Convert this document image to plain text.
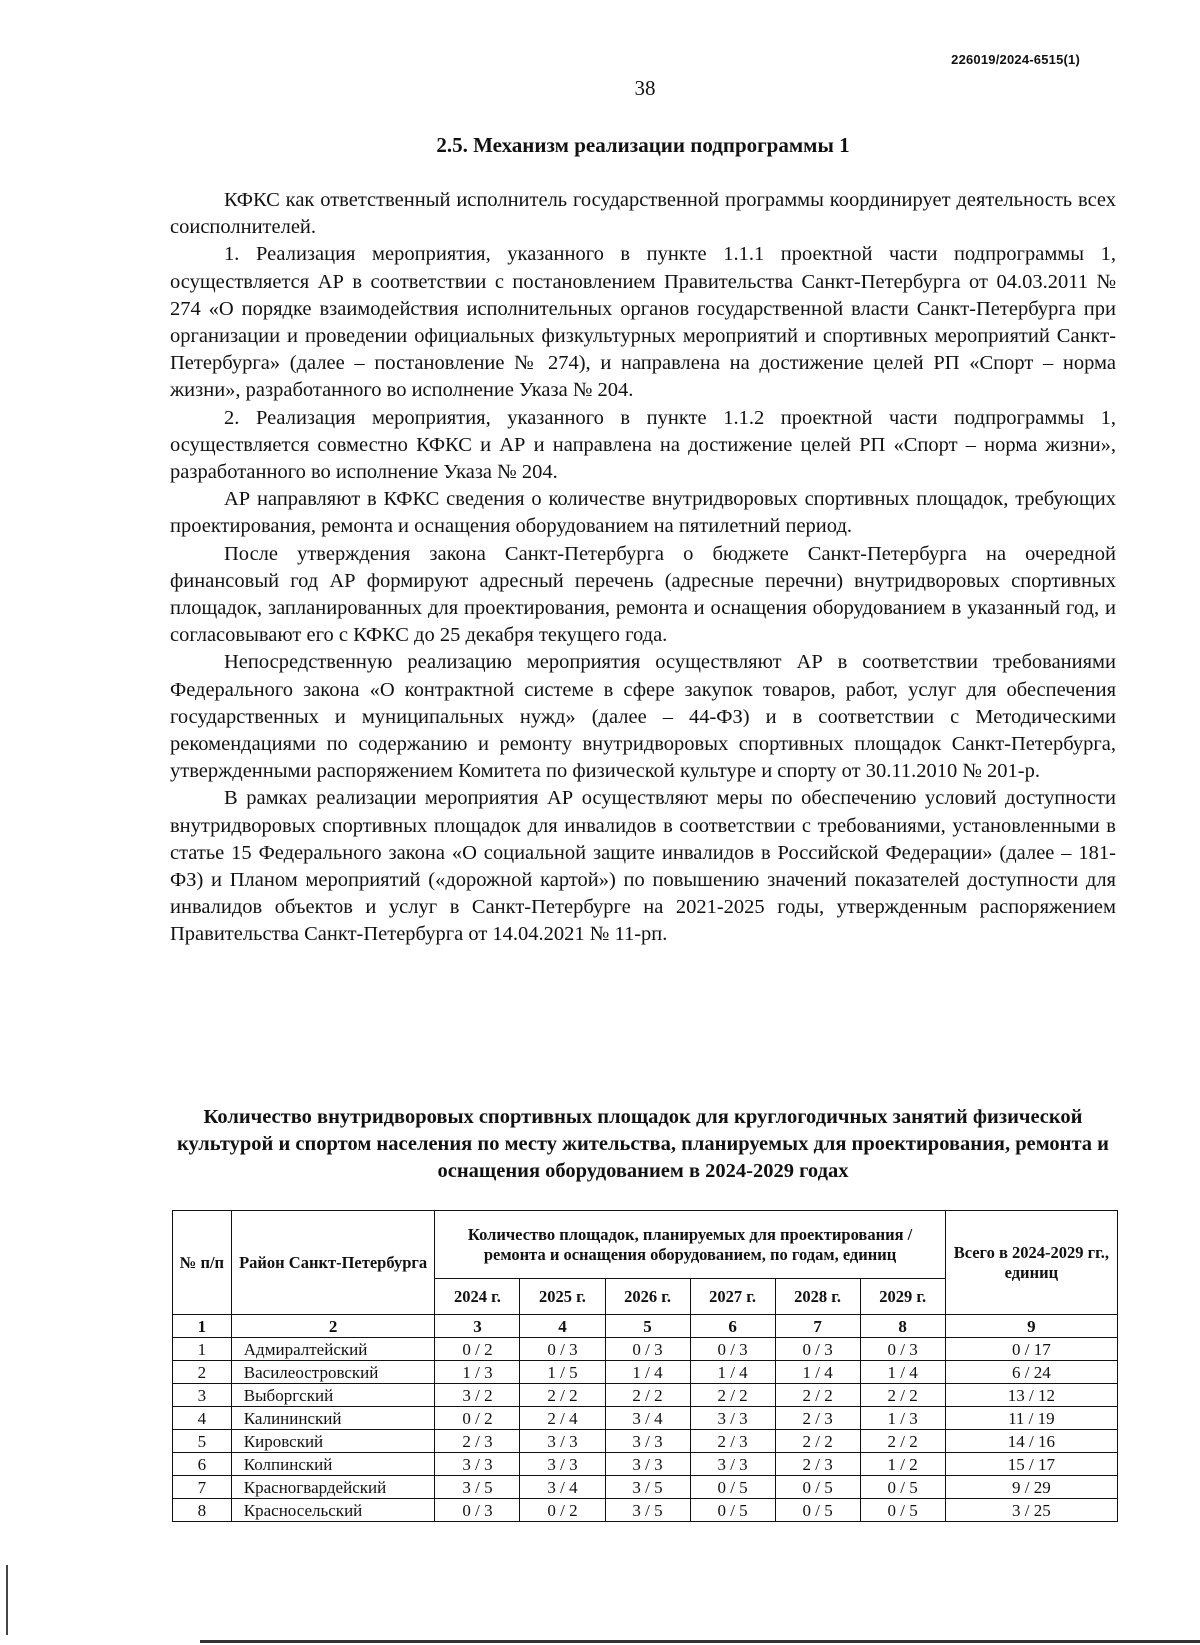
226019/2024-6515(1)
38
2.5. Механизм реализации подпрограммы 1

КФКС как ответственный исполнитель государственной программы координирует деятельность всех соисполнителей.

1. Реализация мероприятия, указанного в пункте 1.1.1 проектной части подпрограммы 1, осуществляется АР в соответствии с постановлением Правительства Санкт-Петербурга от 04.03.2011 № 274 «О порядке взаимодействия исполнительных органов государственной власти Санкт-Петербурга при организации и проведении официальных физкультурных мероприятий и спортивных мероприятий Санкт-Петербурга» (далее – постановление № 274), и направлена на достижение целей РП «Спорт – норма жизни», разработанного во исполнение Указа № 204.

2. Реализация мероприятия, указанного в пункте 1.1.2 проектной части подпрограммы 1, осуществляется совместно КФКС и АР и направлена на достижение целей РП «Спорт – норма жизни», разработанного во исполнение Указа № 204.

АР направляют в КФКС сведения о количестве внутридворовых спортивных площадок, требующих проектирования, ремонта и оснащения оборудованием на пятилетний период.

После утверждения закона Санкт-Петербурга о бюджете Санкт-Петербурга на очередной финансовый год АР формируют адресный перечень (адресные перечни) внутридворовых спортивных площадок, запланированных для проектирования, ремонта и оснащения оборудованием в указанный год, и согласовывают его с КФКС до 25 декабря текущего года.

Непосредственную реализацию мероприятия осуществляют АР в соответствии требованиями Федерального закона «О контрактной системе в сфере закупок товаров, работ, услуг для обеспечения государственных и муниципальных нужд» (далее – 44-ФЗ) и в соответствии с Методическими рекомендациями по содержанию и ремонту внутридворовых спортивных площадок Санкт-Петербурга, утвержденными распоряжением Комитета по физической культуре и спорту от 30.11.2010 № 201-р.

В рамках реализации мероприятия АР осуществляют меры по обеспечению условий доступности внутридворовых спортивных площадок для инвалидов в соответствии с требованиями, установленными в статье 15 Федерального закона «О социальной защите инвалидов в Российской Федерации» (далее – 181-ФЗ) и Планом мероприятий («дорожной картой») по повышению значений показателей доступности для инвалидов объектов и услуг в Санкт-Петербурге на 2021-2025 годы, утвержденным распоряжением Правительства Санкт-Петербурга от 14.04.2021 № 11-рп.

Количество внутридворовых спортивных площадок для круглогодичных занятий физической культурой и спортом населения по месту жительства, планируемых для проектирования, ремонта и оснащения оборудованием в 2024-2029 годах
№ п/п	Район Санкт-Петербурга	Количество площадок, планируемых для проектирования / ремонта и оснащения оборудованием, по годам, единиц						Всего в 2024-2029 гг., единиц
		2024 г.	2025 г.	2026 г.	2027 г.	2028 г.	2029 г.	
1	2	3	4	5	6	7	8	9
1	Адмиралтейский	0 / 2	0 / 3	0 / 3	0 / 3	0 / 3	0 / 3	0 / 17
2	Василеостровский	1 / 3	1 / 5	1 / 4	1 / 4	1 / 4	1 / 4	6 / 24
3	Выборгский	3 / 2	2 / 2	2 / 2	2 / 2	2 / 2	2 / 2	13 / 12
4	Калининский	0 / 2	2 / 4	3 / 4	3 / 3	2 / 3	1 / 3	11 / 19
5	Кировский	2 / 3	3 / 3	3 / 3	2 / 3	2 / 2	2 / 2	14 / 16
6	Колпинский	3 / 3	3 / 3	3 / 3	3 / 3	2 / 3	1 / 2	15 / 17
7	Красногвардейский	3 / 5	3 / 4	3 / 5	0 / 5	0 / 5	0 / 5	9 / 29
8	Красносельский	0 / 3	0 / 2	3 / 5	0 / 5	0 / 5	0 / 5	3 / 25
